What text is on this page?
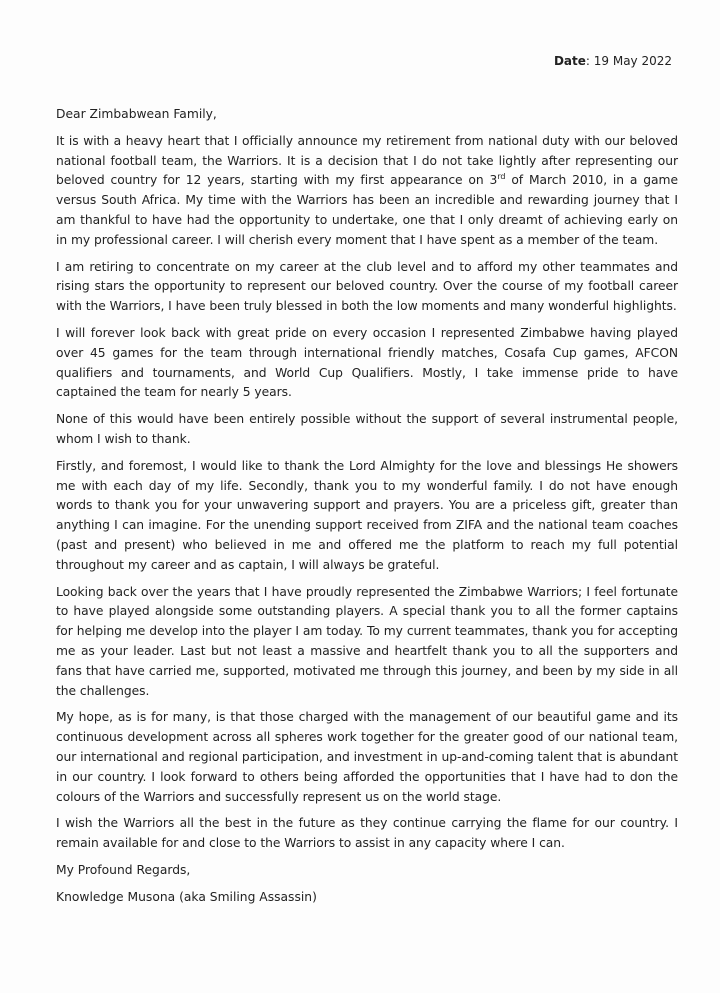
Date: 19 May 2022

Dear Zimbabwean Family,

It is with a heavy heart that I officially announce my retirement from national duty with our beloved national football team, the Warriors. It is a decision that I do not take lightly after representing our beloved country for 12 years, starting with my first appearance on 3rd of March 2010, in a game versus South Africa. My time with the Warriors has been an incredible and rewarding journey that I am thankful to have had the opportunity to undertake, one that I only dreamt of achieving early on in my professional career. I will cherish every moment that I have spent as a member of the team.

I am retiring to concentrate on my career at the club level and to afford my other teammates and rising stars the opportunity to represent our beloved country. Over the course of my football career with the Warriors, I have been truly blessed in both the low moments and many wonderful highlights.

I will forever look back with great pride on every occasion I represented Zimbabwe having played over 45 games for the team through international friendly matches, Cosafa Cup games, AFCON qualifiers and tournaments, and World Cup Qualifiers. Mostly, I take immense pride to have captained the team for nearly 5 years.

None of this would have been entirely possible without the support of several instrumental people, whom I wish to thank.

Firstly, and foremost, I would like to thank the Lord Almighty for the love and blessings He showers me with each day of my life. Secondly, thank you to my wonderful family. I do not have enough words to thank you for your unwavering support and prayers. You are a priceless gift, greater than anything I can imagine. For the unending support received from ZIFA and the national team coaches (past and present) who believed in me and offered me the platform to reach my full potential throughout my career and as captain, I will always be grateful.

Looking back over the years that I have proudly represented the Zimbabwe Warriors; I feel fortunate to have played alongside some outstanding players. A special thank you to all the former captains for helping me develop into the player I am today. To my current teammates, thank you for accepting me as your leader. Last but not least a massive and heartfelt thank you to all the supporters and fans that have carried me, supported, motivated me through this journey, and been by my side in all the challenges.

My hope, as is for many, is that those charged with the management of our beautiful game and its continuous development across all spheres work together for the greater good of our national team, our international and regional participation, and investment in up-and-coming talent that is abundant in our country. I look forward to others being afforded the opportunities that I have had to don the colours of the Warriors and successfully represent us on the world stage.

I wish the Warriors all the best in the future as they continue carrying the flame for our country. I remain available for and close to the Warriors to assist in any capacity where I can.

My Profound Regards,

Knowledge Musona (aka Smiling Assassin)
